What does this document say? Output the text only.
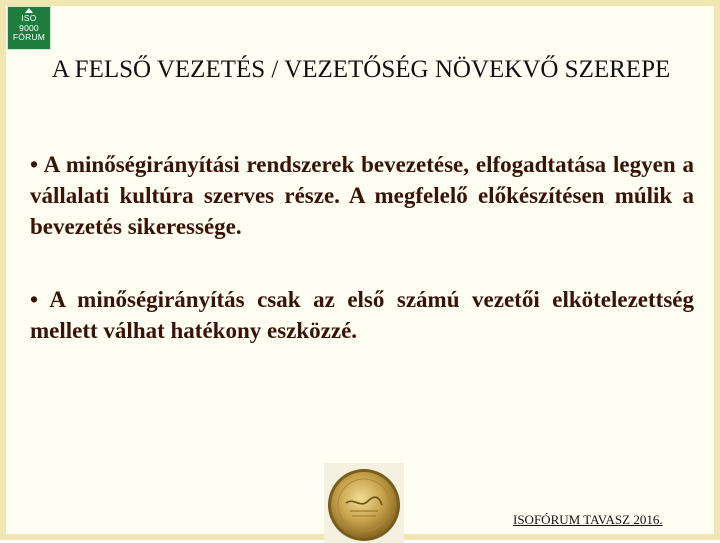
ISO
9000
FÓRUM
A FELSŐ VEZETÉS / VEZETŐSÉG NÖVEKVŐ SZEREPE
• A minőségirányítási rendszerek bevezetése, elfogadtatása legyen a vállalati kultúra szerves része. A megfelelő előkészítésen múlik a bevezetés sikeressége.
• A minőségirányítás csak az első számú vezetői elkötelezettség mellett válhat hatékony eszközzé.
ISOFÓRUM TAVASZ 2016.
